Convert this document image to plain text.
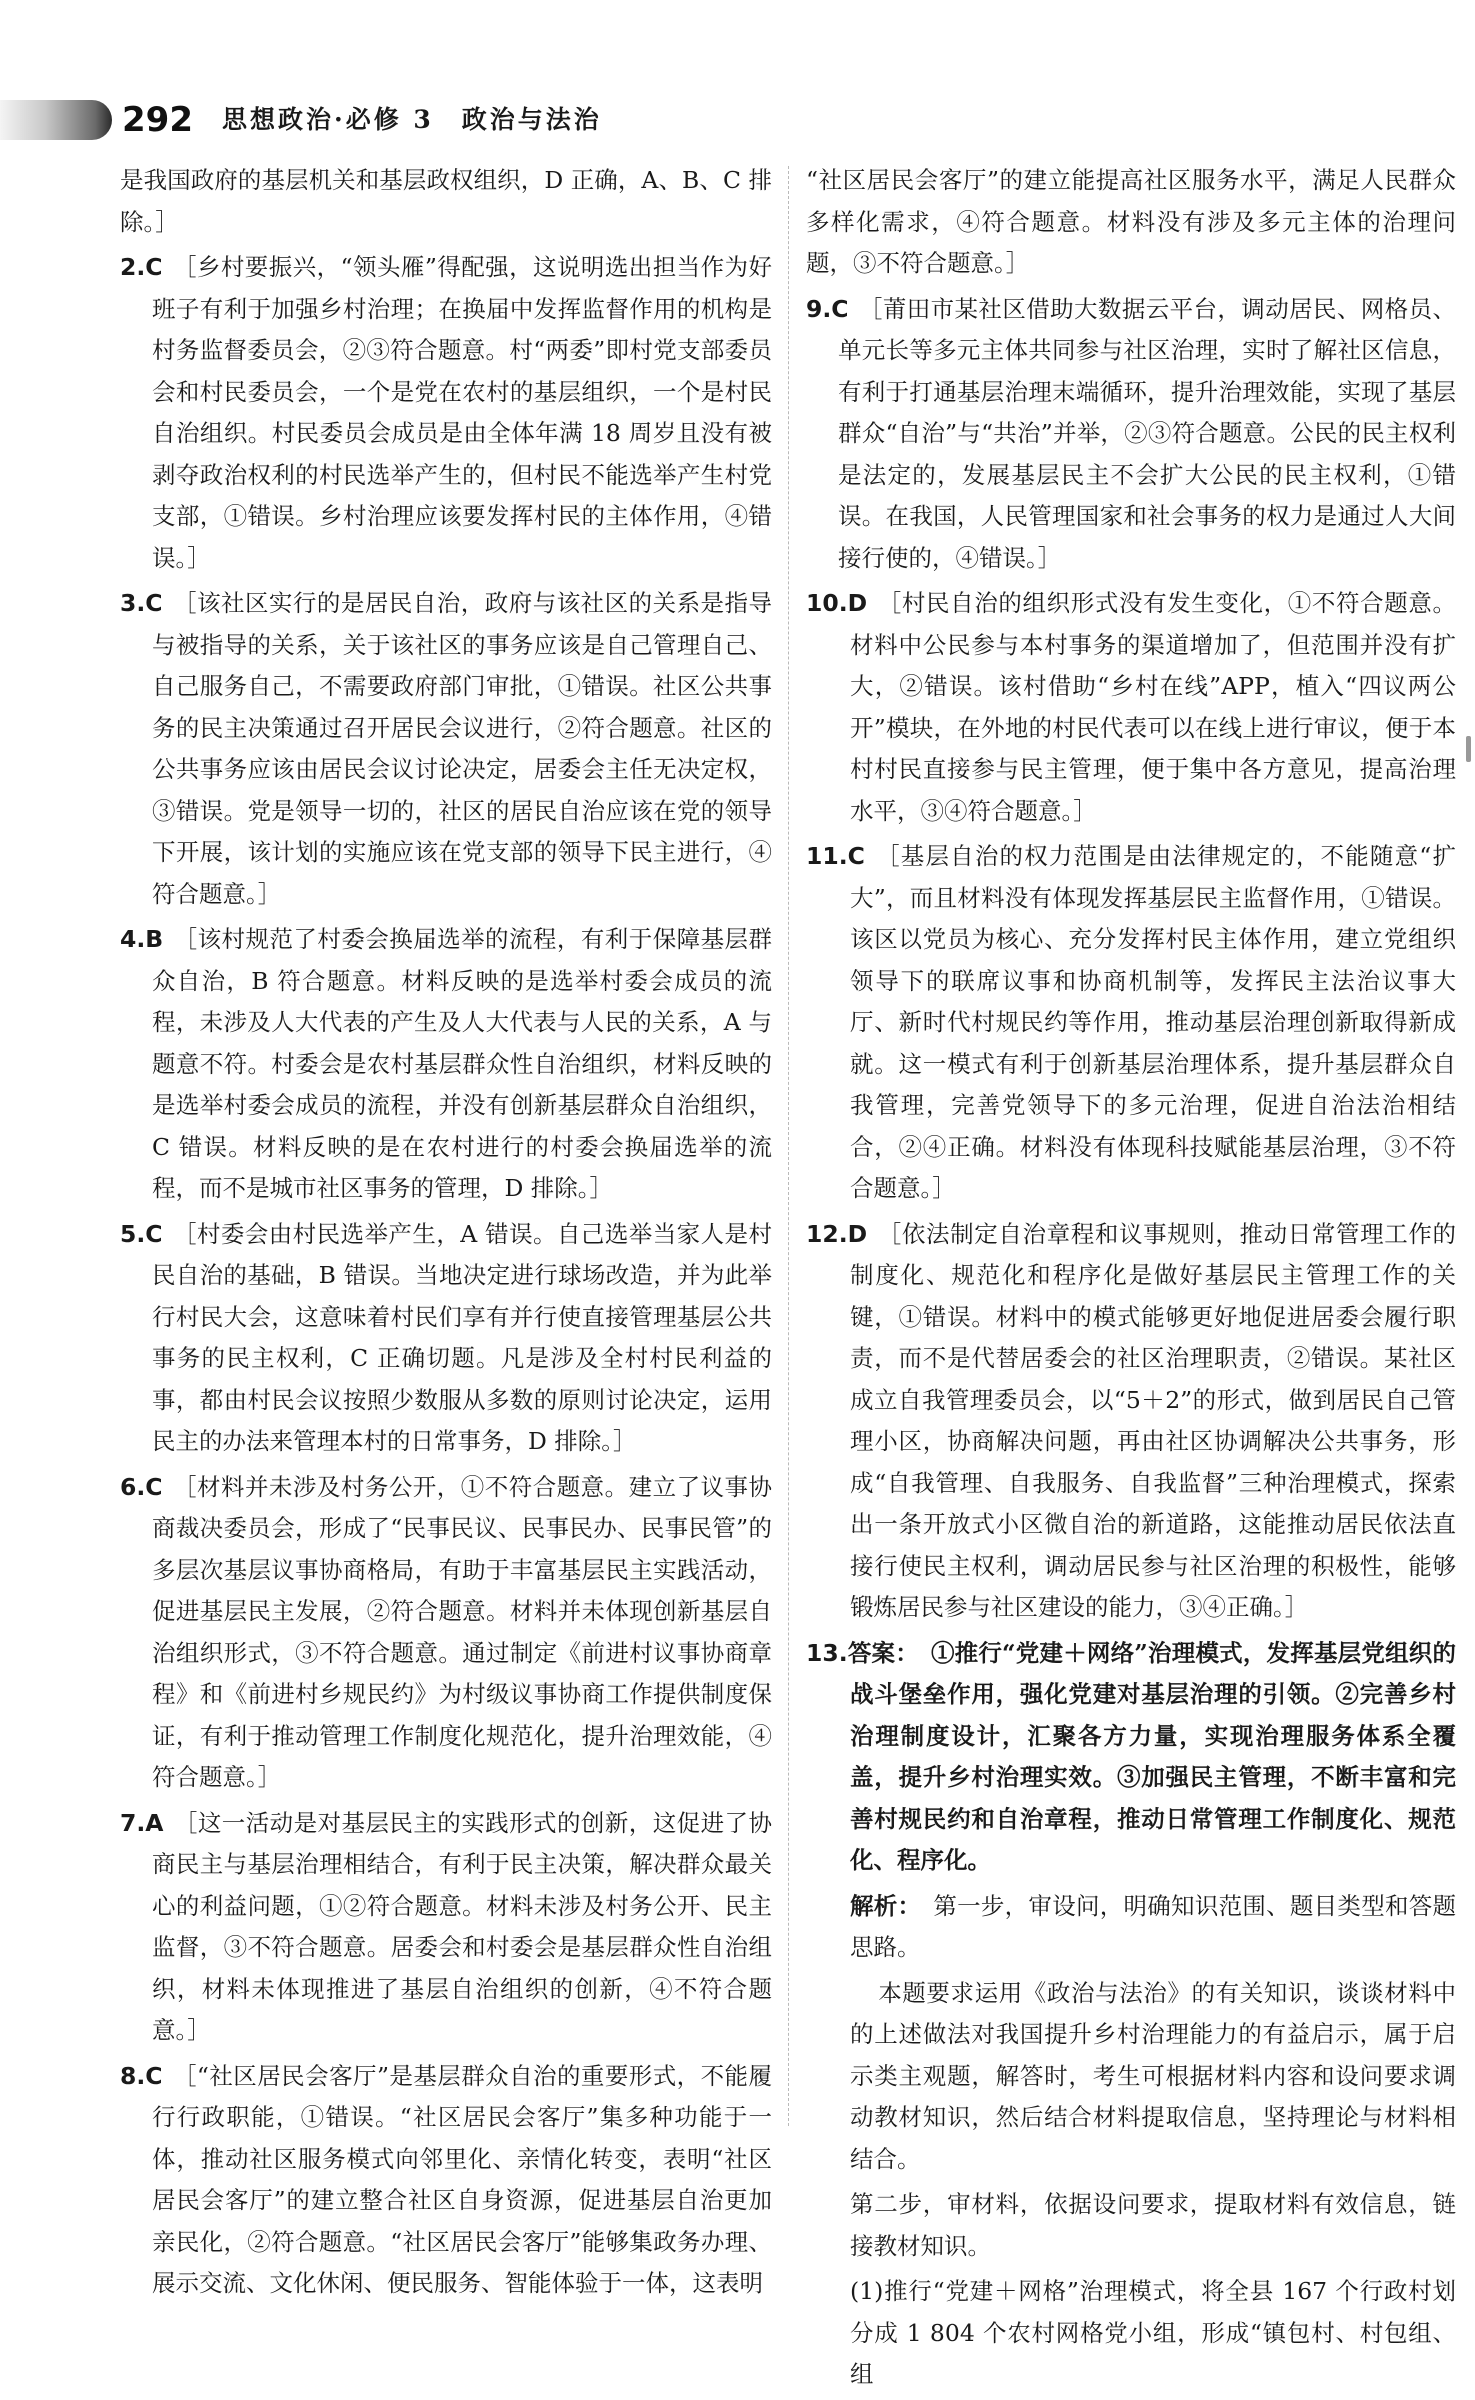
292 思想政治·必修 3　政治与法治

是我国政府的基层机关和基层政权组织，D 正确，A、B、C 排除。］

2.C ［乡村要振兴，“领头雁”得配强，这说明选出担当作为好班子有利于加强乡村治理；在换届中发挥监督作用的机构是村务监督委员会，②③符合题意。村“两委”即村党支部委员会和村民委员会，一个是党在农村的基层组织，一个是村民自治组织。村民委员会成员是由全体年满 18 周岁且没有被剥夺政治权利的村民选举产生的，但村民不能选举产生村党支部，①错误。乡村治理应该要发挥村民的主体作用，④错误。］

3.C ［该社区实行的是居民自治，政府与该社区的关系是指导与被指导的关系，关于该社区的事务应该是自己管理自己、自己服务自己，不需要政府部门审批，①错误。社区公共事务的民主决策通过召开居民会议进行，②符合题意。社区的公共事务应该由居民会议讨论决定，居委会主任无决定权，③错误。党是领导一切的，社区的居民自治应该在党的领导下开展，该计划的实施应该在党支部的领导下民主进行，④符合题意。］

4.B ［该村规范了村委会换届选举的流程，有利于保障基层群众自治，B 符合题意。材料反映的是选举村委会成员的流程，未涉及人大代表的产生及人大代表与人民的关系，A 与题意不符。村委会是农村基层群众性自治组织，材料反映的是选举村委会成员的流程，并没有创新基层群众自治组织，C 错误。材料反映的是在农村进行的村委会换届选举的流程，而不是城市社区事务的管理，D 排除。］

5.C ［村委会由村民选举产生，A 错误。自己选举当家人是村民自治的基础，B 错误。当地决定进行球场改造，并为此举行村民大会，这意味着村民们享有并行使直接管理基层公共事务的民主权利，C 正确切题。凡是涉及全村村民利益的事，都由村民会议按照少数服从多数的原则讨论决定，运用民主的办法来管理本村的日常事务，D 排除。］

6.C ［材料并未涉及村务公开，①不符合题意。建立了议事协商裁决委员会，形成了“民事民议、民事民办、民事民管”的多层次基层议事协商格局，有助于丰富基层民主实践活动，促进基层民主发展，②符合题意。材料并未体现创新基层自治组织形式，③不符合题意。通过制定《前进村议事协商章程》和《前进村乡规民约》为村级议事协商工作提供制度保证，有利于推动管理工作制度化规范化，提升治理效能，④符合题意。］

7.A ［这一活动是对基层民主的实践形式的创新，这促进了协商民主与基层治理相结合，有利于民主决策，解决群众最关心的利益问题，①②符合题意。材料未涉及村务公开、民主监督，③不符合题意。居委会和村委会是基层群众性自治组织，材料未体现推进了基层自治组织的创新，④不符合题意。］

8.C ［“社区居民会客厅”是基层群众自治的重要形式，不能履行行政职能，①错误。“社区居民会客厅”集多种功能于一体，推动社区服务模式向邻里化、亲情化转变，表明“社区居民会客厅”的建立整合社区自身资源，促进基层自治更加亲民化，②符合题意。“社区居民会客厅”能够集政务办理、展示交流、文化休闲、便民服务、智能体验于一体，这表明

“社区居民会客厅”的建立能提高社区服务水平，满足人民群众多样化需求，④符合题意。材料没有涉及多元主体的治理问题，③不符合题意。］

9.C ［莆田市某社区借助大数据云平台，调动居民、网格员、单元长等多元主体共同参与社区治理，实时了解社区信息，有利于打通基层治理末端循环，提升治理效能，实现了基层群众“自治”与“共治”并举，②③符合题意。公民的民主权利是法定的，发展基层民主不会扩大公民的民主权利，①错误。在我国，人民管理国家和社会事务的权力是通过人大间接行使的，④错误。］

10.D ［村民自治的组织形式没有发生变化，①不符合题意。材料中公民参与本村事务的渠道增加了，但范围并没有扩大，②错误。该村借助“乡村在线”APP，植入“四议两公开”模块，在外地的村民代表可以在线上进行审议，便于本村村民直接参与民主管理，便于集中各方意见，提高治理水平，③④符合题意。］

11.C ［基层自治的权力范围是由法律规定的，不能随意“扩大”，而且材料没有体现发挥基层民主监督作用，①错误。该区以党员为核心、充分发挥村民主体作用，建立党组织领导下的联席议事和协商机制等，发挥民主法治议事大厅、新时代村规民约等作用，推动基层治理创新取得新成就。这一模式有利于创新基层治理体系，提升基层群众自我管理，完善党领导下的多元治理，促进自治法治相结合，②④正确。材料没有体现科技赋能基层治理，③不符合题意。］

12.D ［依法制定自治章程和议事规则，推动日常管理工作的制度化、规范化和程序化是做好基层民主管理工作的关键，①错误。材料中的模式能够更好地促进居委会履行职责，而不是代替居委会的社区治理职责，②错误。某社区成立自我管理委员会，以“5＋2”的形式，做到居民自己管理小区，协商解决问题，再由社区协调解决公共事务，形成“自我管理、自我服务、自我监督”三种治理模式，探索出一条开放式小区微自治的新道路，这能推动居民依法直接行使民主权利，调动居民参与社区治理的积极性，能够锻炼居民参与社区建设的能力，③④正确。］

13.答案：　 ①推行“党建＋网络”治理模式，发挥基层党组织的战斗堡垒作用，强化党建对基层治理的引领。②完善乡村治理制度设计，汇聚各方力量，实现治理服务体系全覆盖，提升乡村治理实效。③加强民主管理，不断丰富和完善村规民约和自治章程，推动日常管理工作制度化、规范化、程序化。

解析：　 第一步，审设问，明确知识范围、题目类型和答题思路。

本题要求运用《政治与法治》的有关知识，谈谈材料中的上述做法对我国提升乡村治理能力的有益启示，属于启示类主观题，解答时，考生可根据材料内容和设问要求调动教材知识，然后结合材料提取信息，坚持理论与材料相结合。

第二步，审材料，依据设问要求，提取材料有效信息，链接教材知识。

(1)推行“党建＋网格”治理模式，将全县 167 个行政村划分成 1 804 个农村网格党小组，形成“镇包村、村包组、组
